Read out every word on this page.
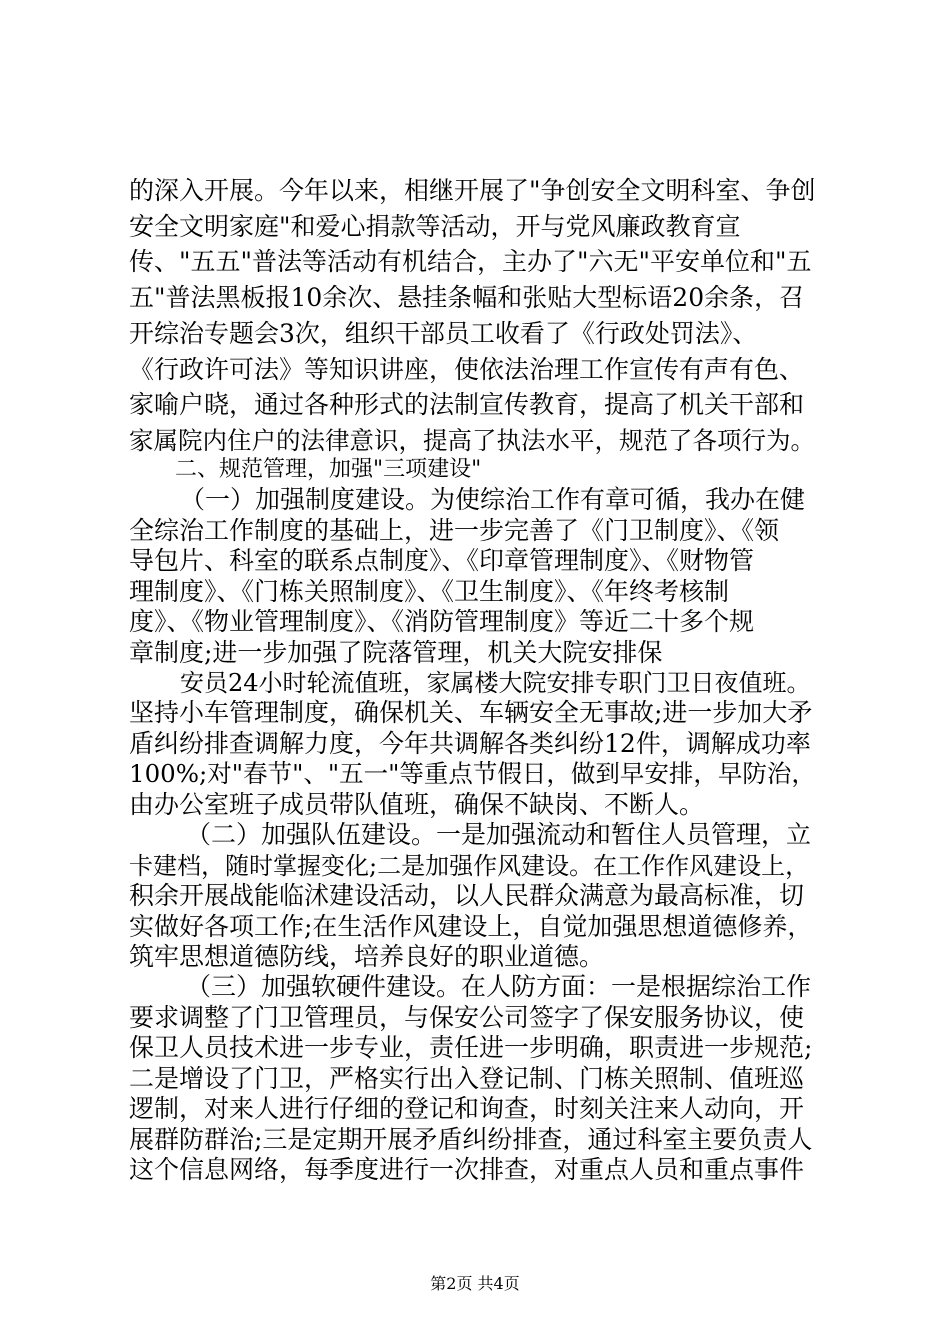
的深入开展。今年以来，相继开展了"争创安全文明科室、争创
安全文明家庭"和爱心捐款等活动，开与党风廉政教育宣
传、"五五"普法等活动有机结合，主办了"六无"平安单位和"五
五"普法黑板报10余次、悬挂条幅和张贴大型标语20余条，召
开综治专题会3次，组织干部员工收看了《行政处罚法》、
《行政许可法》等知识讲座，使依法治理工作宣传有声有色、
家喻户晓，通过各种形式的法制宣传教育，提高了机关干部和
家属院内住户的法律意识，提高了执法水平，规范了各项行为。
二、规范管理，加强"三项建设"
（一）加强制度建设。为使综治工作有章可循，我办在健
全综治工作制度的基础上，进一步完善了《门卫制度》、《领
导包片、科室的联系点制度》、《印章管理制度》、《财物管
理制度》、《门栋关照制度》、《卫生制度》、《年终考核制
度》、《物业管理制度》、《消防管理制度》等近二十多个规
章制度;进一步加强了院落管理，机关大院安排保
安员24小时轮流值班，家属楼大院安排专职门卫日夜值班。
坚持小车管理制度，确保机关、车辆安全无事故;进一步加大矛
盾纠纷排查调解力度，今年共调解各类纠纷12件，调解成功率
100%;对"春节"、"五一"等重点节假日，做到早安排，早防治，
由办公室班子成员带队值班，确保不缺岗、不断人。
（二）加强队伍建设。一是加强流动和暂住人员管理，立
卡建档，随时掌握变化;二是加强作风建设。在工作作风建设上，
积余开展战能临沭建设活动，以人民群众满意为最高标准，切
实做好各项工作;在生活作风建设上，自觉加强思想道德修养，
筑牢思想道德防线，培养良好的职业道德。
（三）加强软硬件建设。在人防方面：一是根据综治工作
要求调整了门卫管理员，与保安公司签字了保安服务协议，使
保卫人员技术进一步专业，责任进一步明确，职责进一步规范;
二是增设了门卫，严格实行出入登记制、门栋关照制、值班巡
逻制，对来人进行仔细的登记和询查，时刻关注来人动向，开
展群防群治;三是定期开展矛盾纠纷排查，通过科室主要负责人
这个信息网络，每季度进行一次排查，对重点人员和重点事件
第2页 共4页
